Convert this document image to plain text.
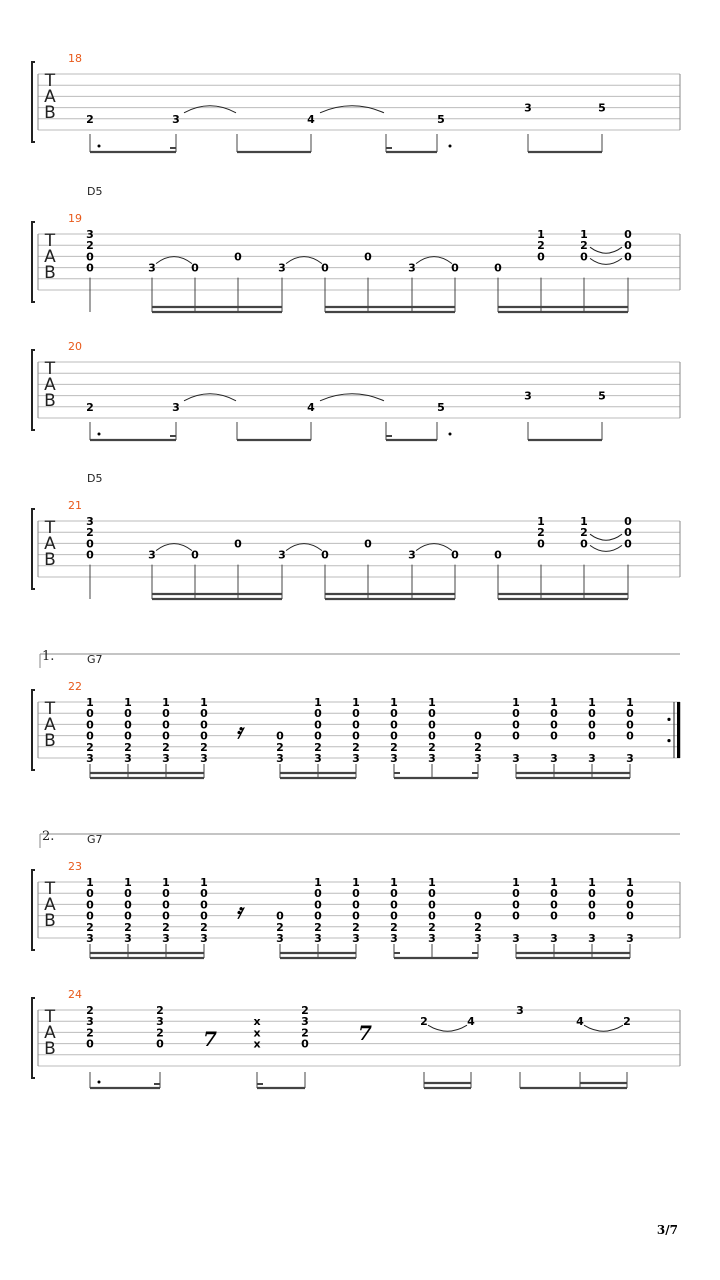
T
A
B
18
T
A
B
19
D5
T
A
B
20
T
A
B
21
D5
T
A
B
22
G7
1.
T
A
B
23
G7
2.
T
A
B
24
2	3	4	5
3	5
2	3	4	5
3	5
3
2
0
0	3	0
0
3	0
0
3	0	0
1
2
0
1
2
0
0
0
0
3
2
0
0	3	0
0
3	0
0
3	0	0
1
2
0
1
2
0
0
0
0
1
0
0
0
2
3
1
0
0
0
2
3
1
0
0
0
2
3
1
0
0
0
2
3
0
2
3
1
0
0
0
2
3
1
0
0
0
2
3
1
0
0
0
2
3
1
0
0
0
2
3
0
2
3
1
0
0
0
3
1
0
0
0
3
1
0
0
0
3
1
0
0
0
3
𝄿
1
0
0
0
2
3
1
0
0
0
2
3
1
0
0
0
2
3
1
0
0
0
2
3
0
2
3
1
0
0
0
2
3
1
0
0
0
2
3
1
0
0
0
2
3
1
0
0
0
2
3
0
2
3
1
0
0
0
3
1
0
0
0
3
1
0
0
0
3
1
0
0
0
3
𝄿
2
3
2
0
2
3
2
0
2
3
2
0
x
x
x
2	4
3
4	2
7	7
3/7
